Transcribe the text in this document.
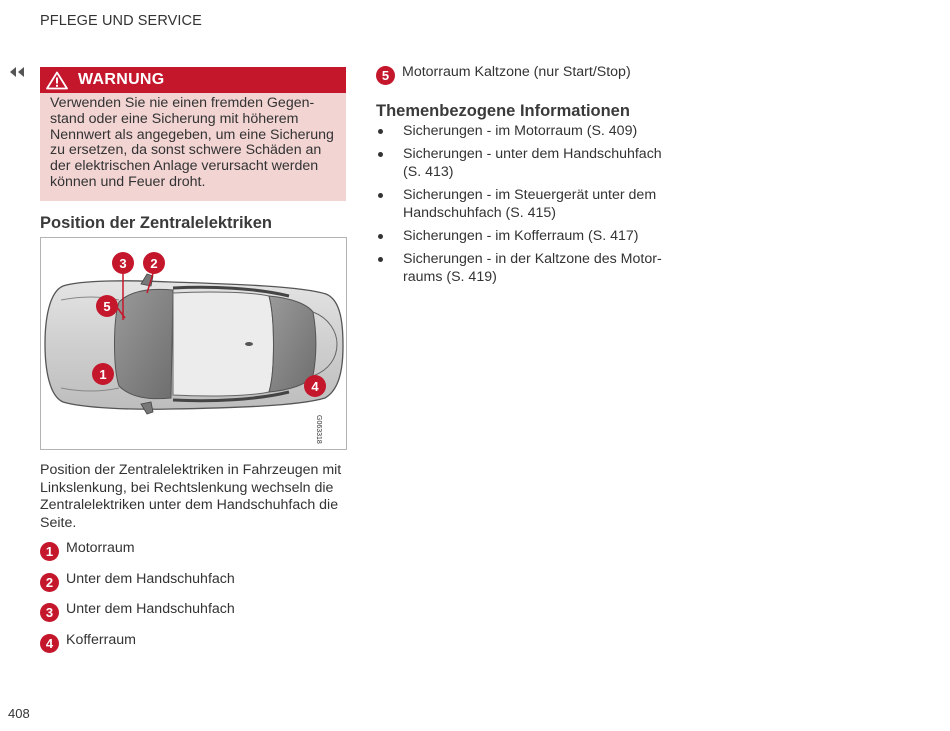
PFLEGE UND SERVICE
WARNUNG
Verwenden Sie nie einen fremden Gegen-
stand oder eine Sicherung mit höherem
Nennwert als angegeben, um eine Sicherung
zu ersetzen, da sonst schwere Schäden an
der elektrischen Anlage verursacht werden
können und Feuer droht.
Position der Zentralelektriken
3 2
5
1
4
G063318
Position der Zentralelektriken in Fahrzeugen mit
Linkslenkung, bei Rechtslenkung wechseln die
Zentralelektriken unter dem Handschuhfach die
Seite.
1 Motorraum
2 Unter dem Handschuhfach
3 Unter dem Handschuhfach
4 Kofferraum
5 Motorraum Kaltzone (nur Start/Stop)
Themenbezogene Informationen
Sicherungen - im Motorraum (S. 409)
Sicherungen - unter dem Handschuhfach
(S. 413)
Sicherungen - im Steuergerät unter dem
Handschuhfach (S. 415)
Sicherungen - im Kofferraum (S. 417)
Sicherungen - in der Kaltzone des Motor-
raums (S. 419)
408
